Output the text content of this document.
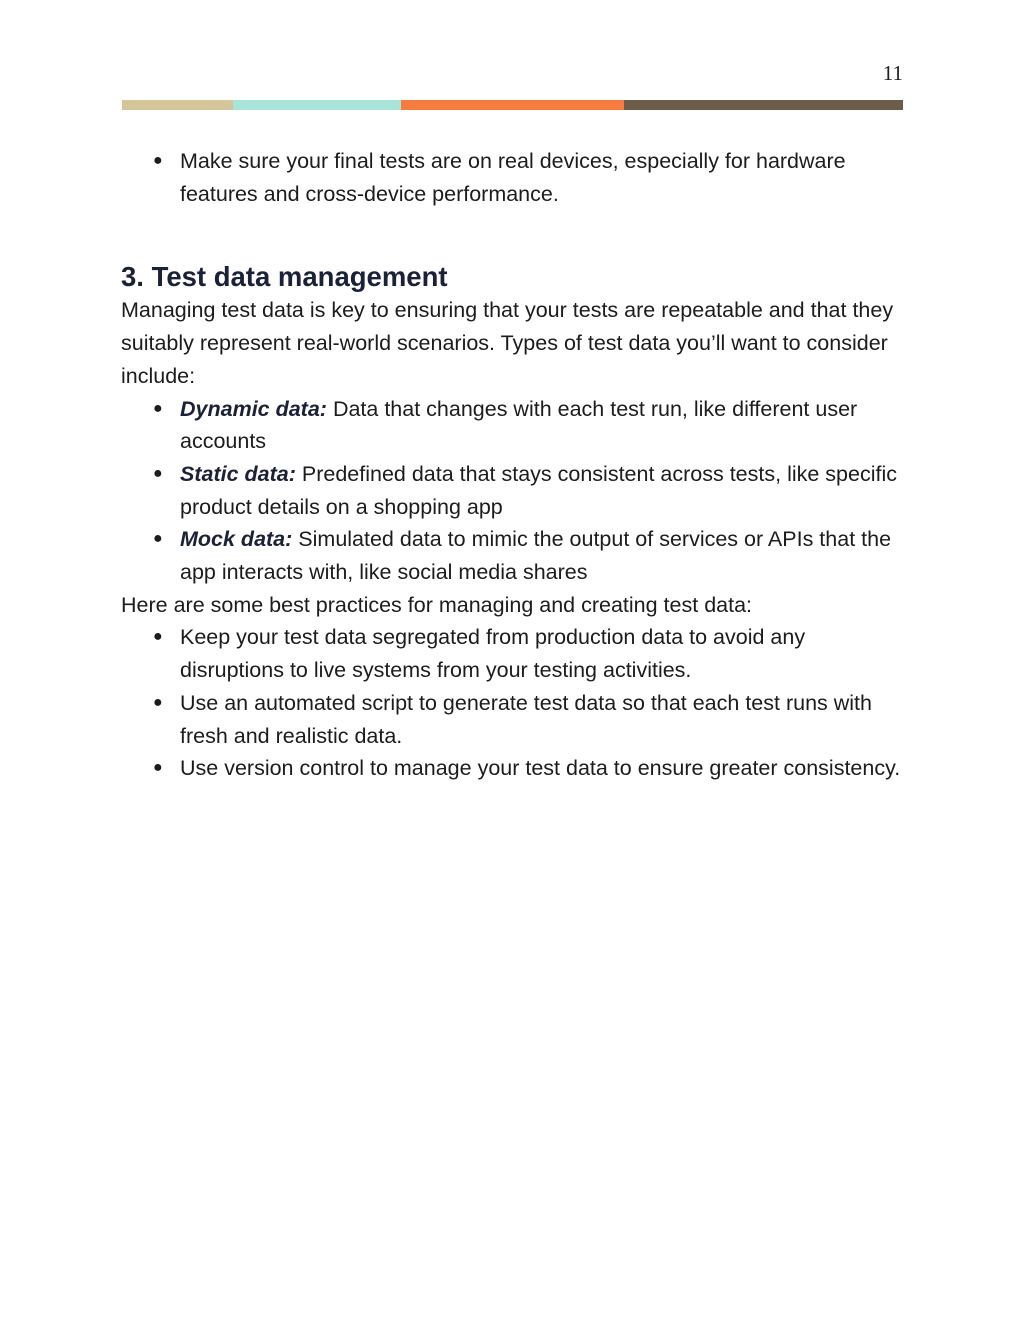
11
● Make sure your final tests are on real devices, especially for hardware features and cross-device performance.
3. Test data management

Managing test data is key to ensuring that your tests are repeatable and that they suitably represent real-world scenarios. Types of test data you’ll want to consider include:

● Dynamic data: Data that changes with each test run, like different user accounts
● Static data: Predefined data that stays consistent across tests, like specific product details on a shopping app
● Mock data: Simulated data to mimic the output of services or APIs that the app interacts with, like social media shares

Here are some best practices for managing and creating test data:

● Keep your test data segregated from production data to avoid any disruptions to live systems from your testing activities.
● Use an automated script to generate test data so that each test runs with fresh and realistic data.
● Use version control to manage your test data to ensure greater consistency.
